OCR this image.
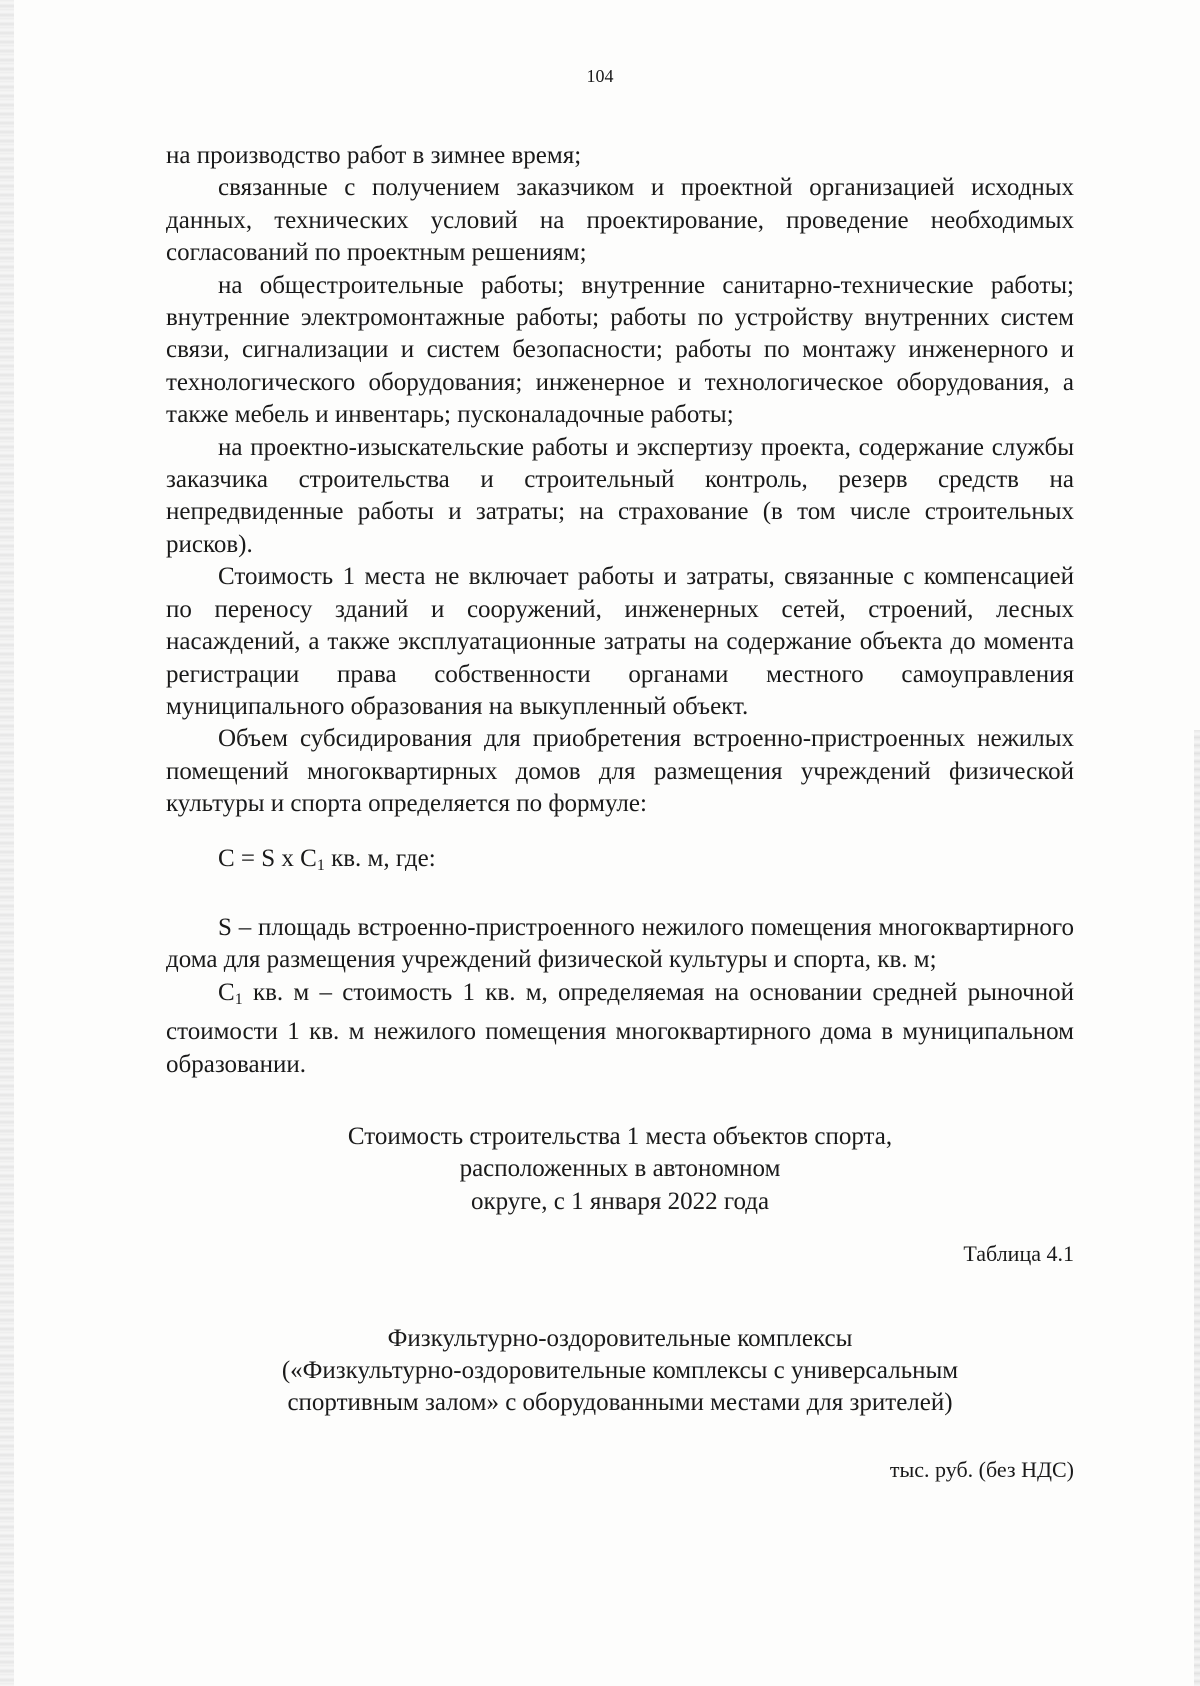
104

на производство работ в зимнее время;

связанные с получением заказчиком и проектной организацией исходных данных, технических условий на проектирование, проведение необходимых согласований по проектным решениям;

на общестроительные работы; внутренние санитарно-технические работы; внутренние электромонтажные работы; работы по устройству внутренних систем связи, сигнализации и систем безопасности; работы по монтажу инженерного и технологического оборудования; инженерное и технологическое оборудования, а также мебель и инвентарь; пусконаладочные работы;

на проектно-изыскательские работы и экспертизу проекта, содержание службы заказчика строительства и строительный контроль, резерв средств на непредвиденные работы и затраты; на страхование (в том числе строительных рисков).

Стоимость 1 места не включает работы и затраты, связанные с компенсацией по переносу зданий и сооружений, инженерных сетей, строений, лесных насаждений, а также эксплуатационные затраты на содержание объекта до момента регистрации права собственности органами местного самоуправления муниципального образования на выкупленный объект.

Объем субсидирования для приобретения встроенно-пристроенных нежилых помещений многоквартирных домов для размещения учреждений физической культуры и спорта определяется по формуле:

C = S x $C_1$ кв. м, где:

S – площадь встроенно-пристроенного нежилого помещения многоквартирного дома для размещения учреждений физической культуры и спорта, кв. м;

$C_1$ кв. м – стоимость 1 кв. м, определяемая на основании средней рыночной стоимости 1 кв. м нежилого помещения многоквартирного дома в муниципальном образовании.

Стоимость строительства 1 места объектов спорта,

расположенных в автономном

округе, с 1 января 2022 года

Таблица 4.1

Физкультурно-оздоровительные комплексы

(«Физкультурно-оздоровительные комплексы с универсальным

спортивным залом» с оборудованными местами для зрителей)

тыс. руб. (без НДС)
